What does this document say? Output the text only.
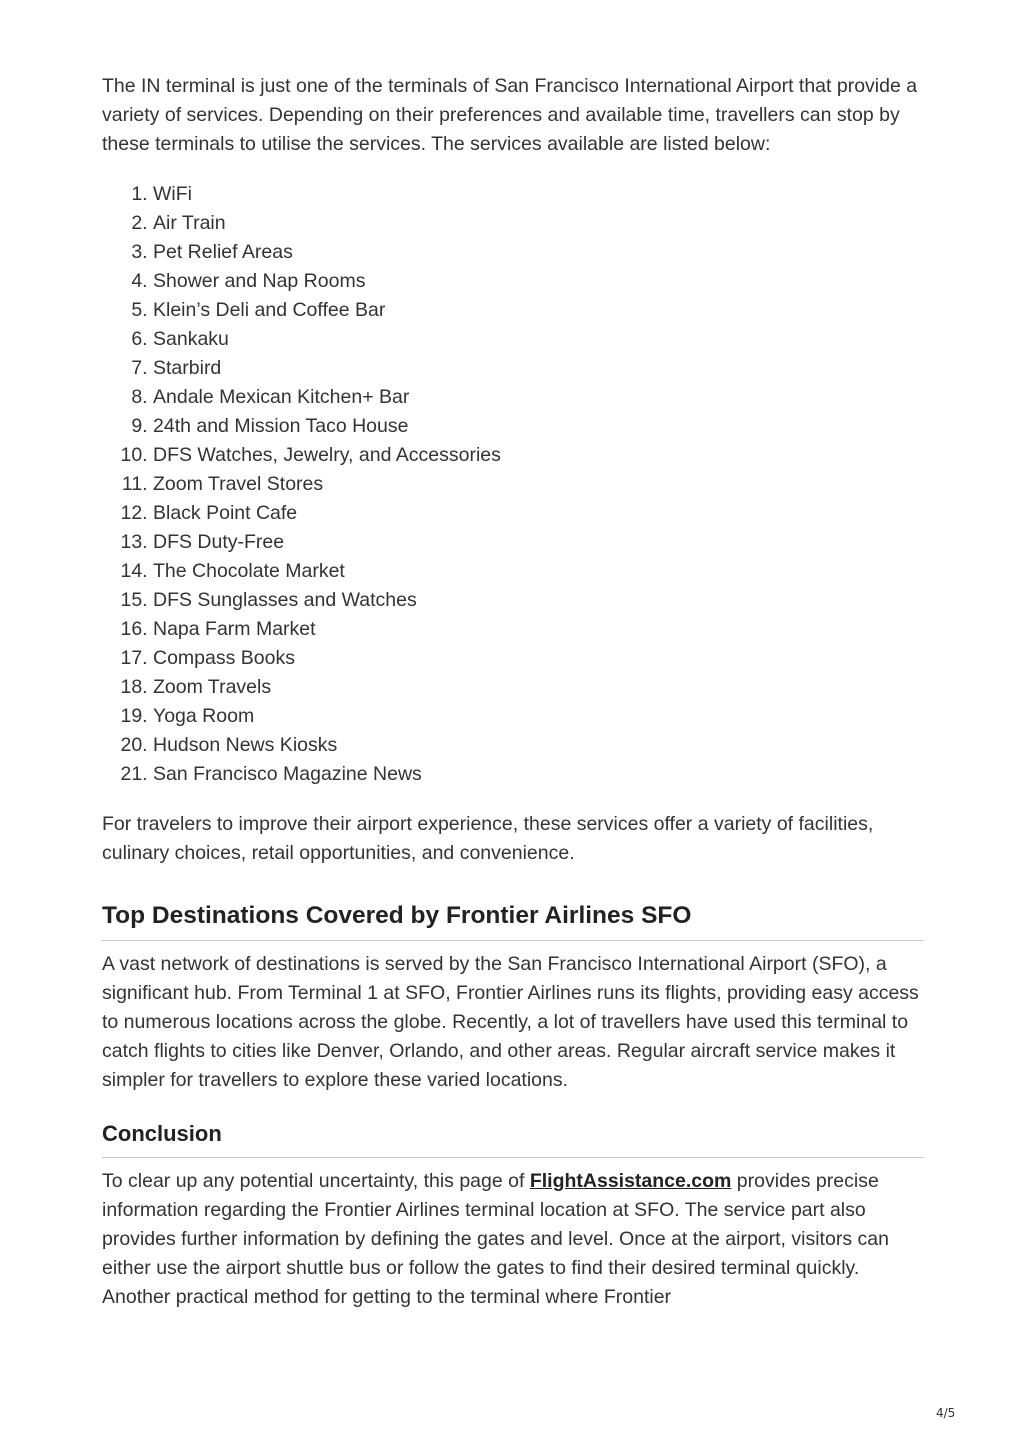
The IN terminal is just one of the terminals of San Francisco International Airport that provide a variety of services. Depending on their preferences and available time, travellers can stop by these terminals to utilise the services. The services available are listed below:

1. WiFi
2. Air Train
3. Pet Relief Areas
4. Shower and Nap Rooms
5. Klein’s Deli and Coffee Bar
6. Sankaku
7. Starbird
8. Andale Mexican Kitchen+ Bar
9. 24th and Mission Taco House
10. DFS Watches, Jewelry, and Accessories
11. Zoom Travel Stores
12. Black Point Cafe
13. DFS Duty-Free
14. The Chocolate Market
15. DFS Sunglasses and Watches
16. Napa Farm Market
17. Compass Books
18. Zoom Travels
19. Yoga Room
20. Hudson News Kiosks
21. San Francisco Magazine News

For travelers to improve their airport experience, these services offer a variety of facilities, culinary choices, retail opportunities, and convenience.

Top Destinations Covered by Frontier Airlines SFO

A vast network of destinations is served by the San Francisco International Airport (SFO), a significant hub. From Terminal 1 at SFO, Frontier Airlines runs its flights, providing easy access to numerous locations across the globe. Recently, a lot of travellers have used this terminal to catch flights to cities like Denver, Orlando, and other areas. Regular aircraft service makes it simpler for travellers to explore these varied locations.

Conclusion

To clear up any potential uncertainty, this page of FlightAssistance.com provides precise information regarding the Frontier Airlines terminal location at SFO. The service part also provides further information by defining the gates and level. Once at the airport, visitors can either use the airport shuttle bus or follow the gates to find their desired terminal quickly. Another practical method for getting to the terminal where Frontier

4/5
